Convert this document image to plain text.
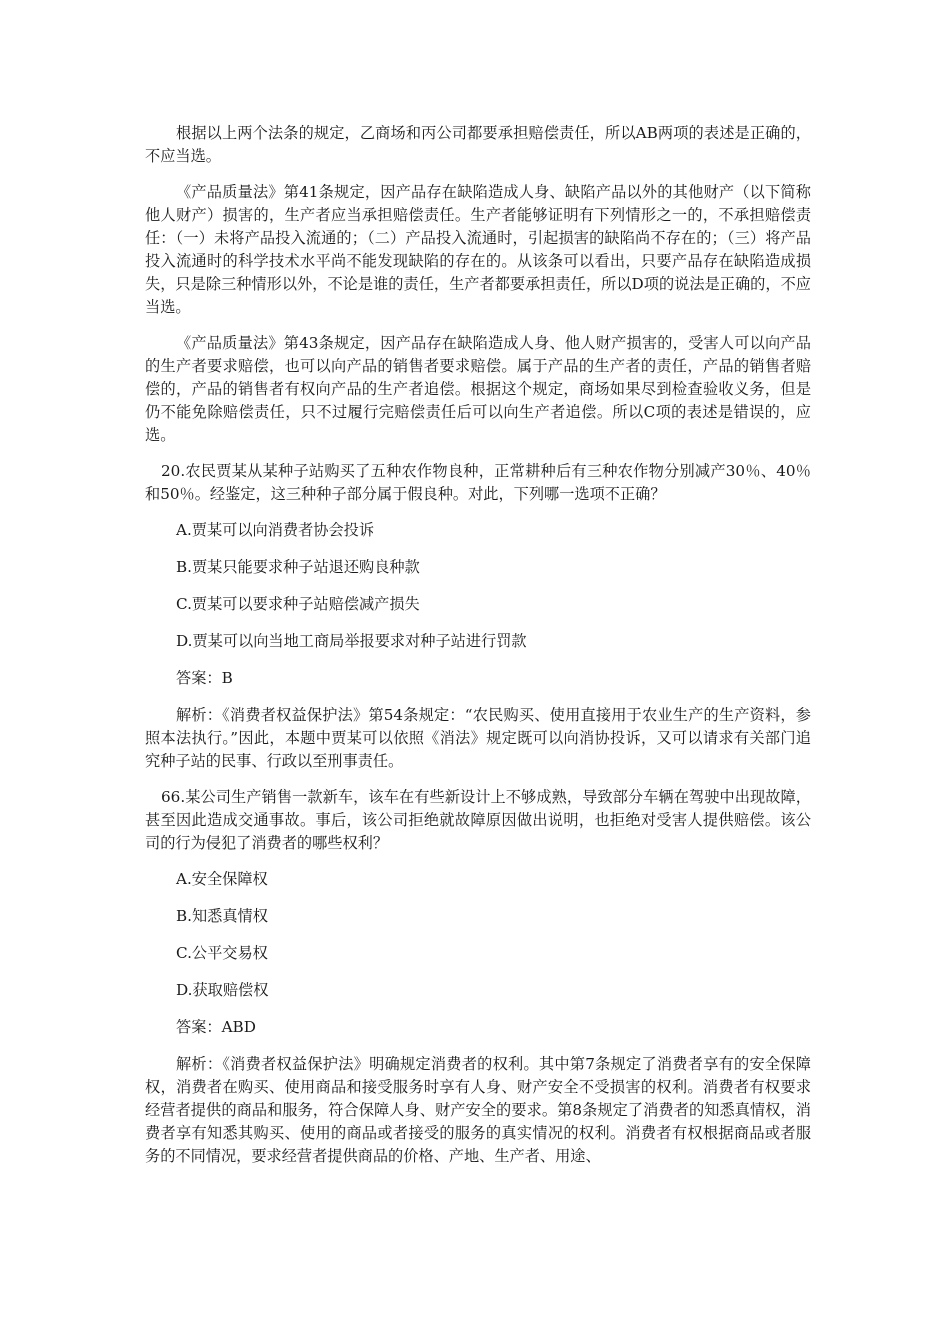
根据以上两个法条的规定，乙商场和丙公司都要承担赔偿责任，所以AB两项的表述是正确的，不应当选。

《产品质量法》第41条规定，因产品存在缺陷造成人身、缺陷产品以外的其他财产（以下简称他人财产）损害的，生产者应当承担赔偿责任。生产者能够证明有下列情形之一的，不承担赔偿责任：（一）未将产品投入流通的；（二）产品投入流通时，引起损害的缺陷尚不存在的；（三）将产品投入流通时的科学技术水平尚不能发现缺陷的存在的。从该条可以看出，只要产品存在缺陷造成损失，只是除三种情形以外，不论是谁的责任，生产者都要承担责任，所以D项的说法是正确的，不应当选。

《产品质量法》第43条规定，因产品存在缺陷造成人身、他人财产损害的，受害人可以向产品的生产者要求赔偿，也可以向产品的销售者要求赔偿。属于产品的生产者的责任，产品的销售者赔偿的，产品的销售者有权向产品的生产者追偿。根据这个规定，商场如果尽到检查验收义务，但是仍不能免除赔偿责任，只不过履行完赔偿责任后可以向生产者追偿。所以C项的表述是错误的，应选。

20.农民贾某从某种子站购买了五种农作物良种，正常耕种后有三种农作物分别减产30％、40％和50％。经鉴定，这三种种子部分属于假良种。对此，下列哪一选项不正确？

A.贾某可以向消费者协会投诉

B.贾某只能要求种子站退还购良种款

C.贾某可以要求种子站赔偿减产损失

D.贾某可以向当地工商局举报要求对种子站进行罚款

答案：B

解析：《消费者权益保护法》第54条规定：“农民购买、使用直接用于农业生产的生产资料，参照本法执行。”因此，本题中贾某可以依照《消法》规定既可以向消协投诉，又可以请求有关部门追究种子站的民事、行政以至刑事责任。

66.某公司生产销售一款新车，该车在有些新设计上不够成熟，导致部分车辆在驾驶中出现故障，甚至因此造成交通事故。事后，该公司拒绝就故障原因做出说明，也拒绝对受害人提供赔偿。该公司的行为侵犯了消费者的哪些权利？

A.安全保障权

B.知悉真情权

C.公平交易权

D.获取赔偿权

答案：ABD

解析：《消费者权益保护法》明确规定消费者的权利。其中第7条规定了消费者享有的安全保障权，消费者在购买、使用商品和接受服务时享有人身、财产安全不受损害的权利。消费者有权要求经营者提供的商品和服务，符合保障人身、财产安全的要求。第8条规定了消费者的知悉真情权，消费者享有知悉其购买、使用的商品或者接受的服务的真实情况的权利。消费者有权根据商品或者服务的不同情况，要求经营者提供商品的价格、产地、生产者、用途、
